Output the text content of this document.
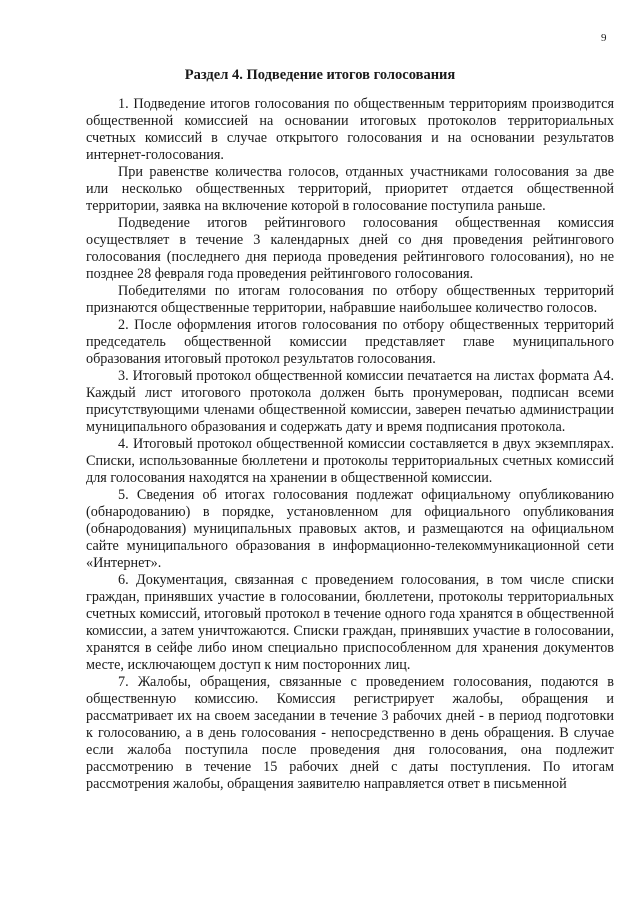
9
Раздел 4. Подведение итогов голосования

1. Подведение итогов голосования по общественным территориям производится общественной комиссией на основании итоговых протоколов территориальных счетных комиссий в случае открытого голосования и на основании результатов интернет-голосования.

При равенстве количества голосов, отданных участниками голосования за две или несколько общественных территорий, приоритет отдается общественной территории, заявка на включение которой в голосование поступила раньше.

Подведение итогов рейтингового голосования общественная комиссия осуществляет в течение 3 календарных дней со дня проведения рейтингового голосования (последнего дня периода проведения рейтингового голосования), но не позднее 28 февраля года проведения рейтингового голосования.

Победителями по итогам голосования по отбору общественных территорий признаются общественные территории, набравшие наибольшее количество голосов.

2. После оформления итогов голосования по отбору общественных территорий председатель общественной комиссии представляет главе муниципального образования итоговый протокол результатов голосования.

3. Итоговый протокол общественной комиссии печатается на листах формата А4. Каждый лист итогового протокола должен быть пронумерован, подписан всеми присутствующими членами общественной комиссии, заверен печатью администрации муниципального образования и содержать дату и время подписания протокола.

4. Итоговый протокол общественной комиссии составляется в двух экземплярах. Списки, использованные бюллетени и протоколы территориальных счетных комиссий для голосования находятся на хранении в общественной комиссии.

5. Сведения об итогах голосования подлежат официальному опубликованию (обнародованию) в порядке, установленном для официального опубликования (обнародования) муниципальных правовых актов, и размещаются на официальном сайте муниципального образования в информационно-телекоммуникационной сети «Интернет».

6. Документация, связанная с проведением голосования, в том числе списки граждан, принявших участие в голосовании, бюллетени, протоколы территориальных счетных комиссий, итоговый протокол в течение одного года хранятся в общественной комиссии, а затем уничтожаются. Списки граждан, принявших участие в голосовании, хранятся в сейфе либо ином специально приспособленном для хранения документов месте, исключающем доступ к ним посторонних лиц.

7. Жалобы, обращения, связанные с проведением голосования, подаются в общественную комиссию. Комиссия регистрирует жалобы, обращения и рассматривает их на своем заседании в течение 3 рабочих дней - в период подготовки к голосованию, а в день голосования - непосредственно в день обращения. В случае если жалоба поступила после проведения дня голосования, она подлежит рассмотрению в течение 15 рабочих дней с даты поступления. По итогам рассмотрения жалобы, обращения заявителю направляется ответ в письменной
